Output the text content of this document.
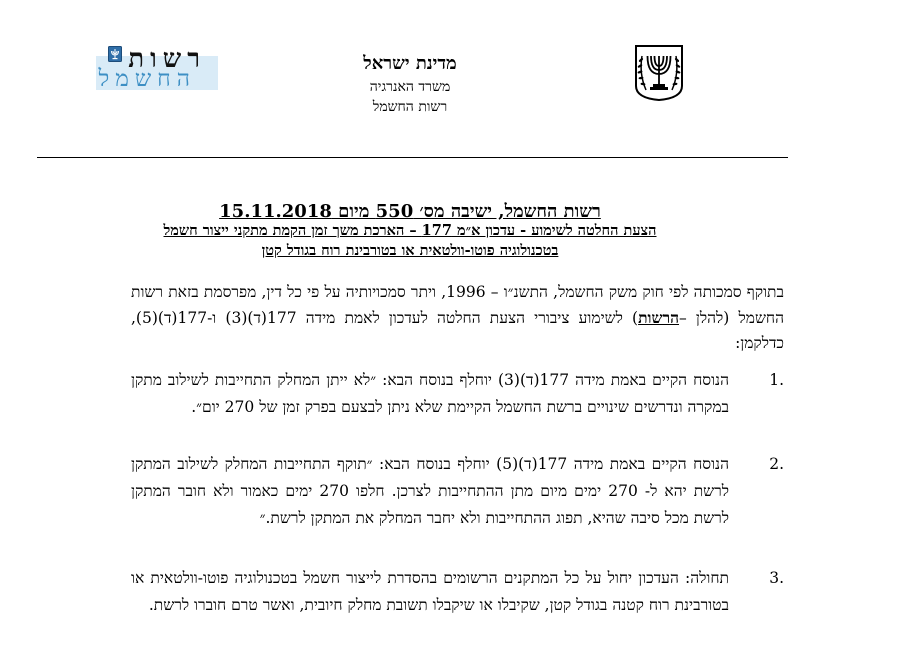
רשות
החשמל
מדינת ישראל
משרד האנרגיה
רשות החשמל
רשות החשמל, ישיבה מס׳ 550 מיום 15.11.2018
הצעת החלטה לשימוע - עדכון א״מ 177 – הארכת משך זמן הקמת מתקני ייצור חשמל
בטכנולוגיה פוטו-וולטאית או בטורבינת רוח בגודל קטן
בתוקף סמכותה לפי חוק משק החשמל, התשנ״ו – 1996, ויתר סמכויותיה על פי כל דין, מפרסמת בזאת רשות החשמל (להלן –הרשות) לשימוע ציבורי הצעת החלטה לעדכון לאמת מידה 177(ד)(3) ו-177(ד)(5), כדלקמן:
.1
הנוסח הקיים באמת מידה 177(ד)(3) יוחלף בנוסח הבא: ״לא ייתן המחלק התחייבות לשילוב מתקן במקרה ונדרשים שינויים ברשת החשמל הקיימת שלא ניתן לבצעם בפרק זמן של 270 יום״.
.2
הנוסח הקיים באמת מידה 177(ד)(5) יוחלף בנוסח הבא: ״תוקף התחייבות המחלק לשילוב המתקן לרשת יהא ל- 270 ימים מיום מתן ההתחייבות לצרכן. חלפו 270 ימים כאמור ולא חובר המתקן לרשת מכל סיבה שהיא, תפוג ההתחייבות ולא יחבר המחלק את המתקן לרשת.״
.3
תחולה: העדכון יחול על כל המתקנים הרשומים בהסדרת לייצור חשמל בטכנולוגיה פוטו-וולטאית או בטורבינת רוח קטנה בגודל קטן, שקיבלו או שיקבלו תשובת מחלק חיובית, ואשר טרם חוברו לרשת.
